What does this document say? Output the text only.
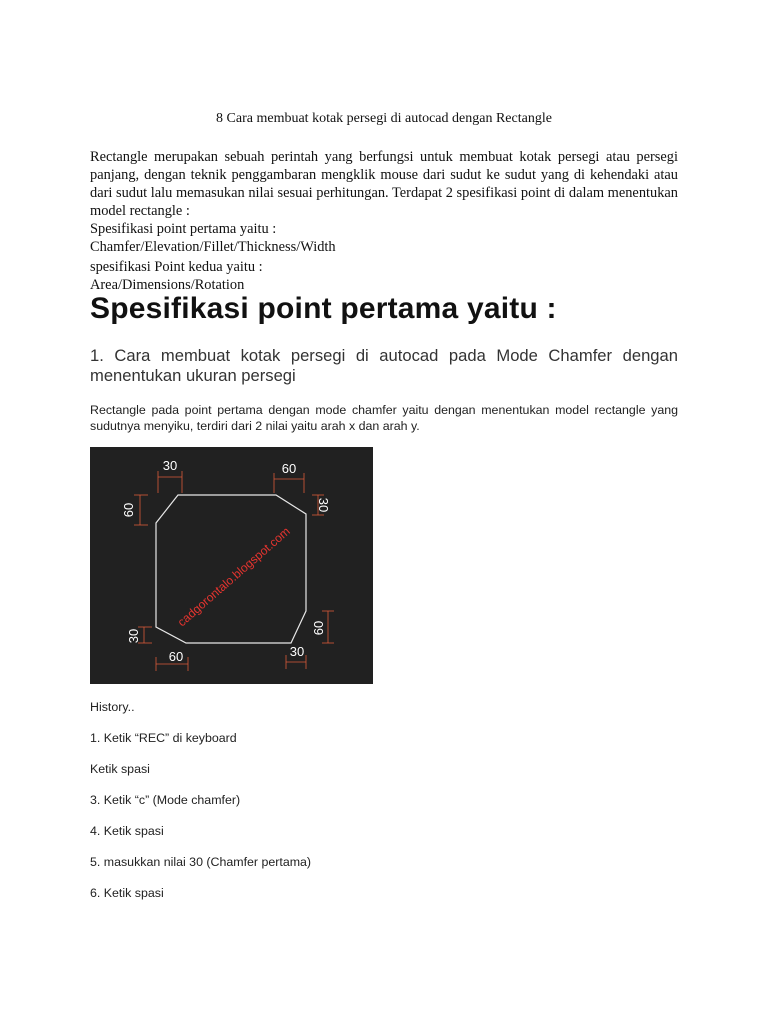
8 Cara membuat kotak persegi di autocad dengan Rectangle
Rectangle merupakan sebuah perintah yang berfungsi untuk membuat kotak persegi atau persegi panjang, dengan teknik penggambaran mengklik mouse dari sudut ke sudut yang di kehendaki atau dari sudut lalu memasukan nilai sesuai perhitungan. Terdapat 2 spesifikasi point di dalam menentukan model rectangle :
Spesifikasi point pertama yaitu :
Chamfer/Elevation/Fillet/Thickness/Width
spesifikasi Point kedua yaitu :
Area/Dimensions/Rotation
Spesifikasi point pertama yaitu :
1. Cara membuat kotak persegi di autocad pada Mode Chamfer dengan menentukan ukuran persegi
Rectangle pada point pertama dengan mode chamfer yaitu dengan menentukan model rectangle yang sudutnya menyiku, terdiri dari 2 nilai yaitu arah x dan arah y.
30	60
30
60
30
60	30
60
cadgorontalo.blogspot.com
History..
1. Ketik “REC” di keyboard
Ketik spasi
3. Ketik “c” (Mode chamfer)
4. Ketik spasi
5. masukkan nilai 30 (Chamfer pertama)
6. Ketik spasi
